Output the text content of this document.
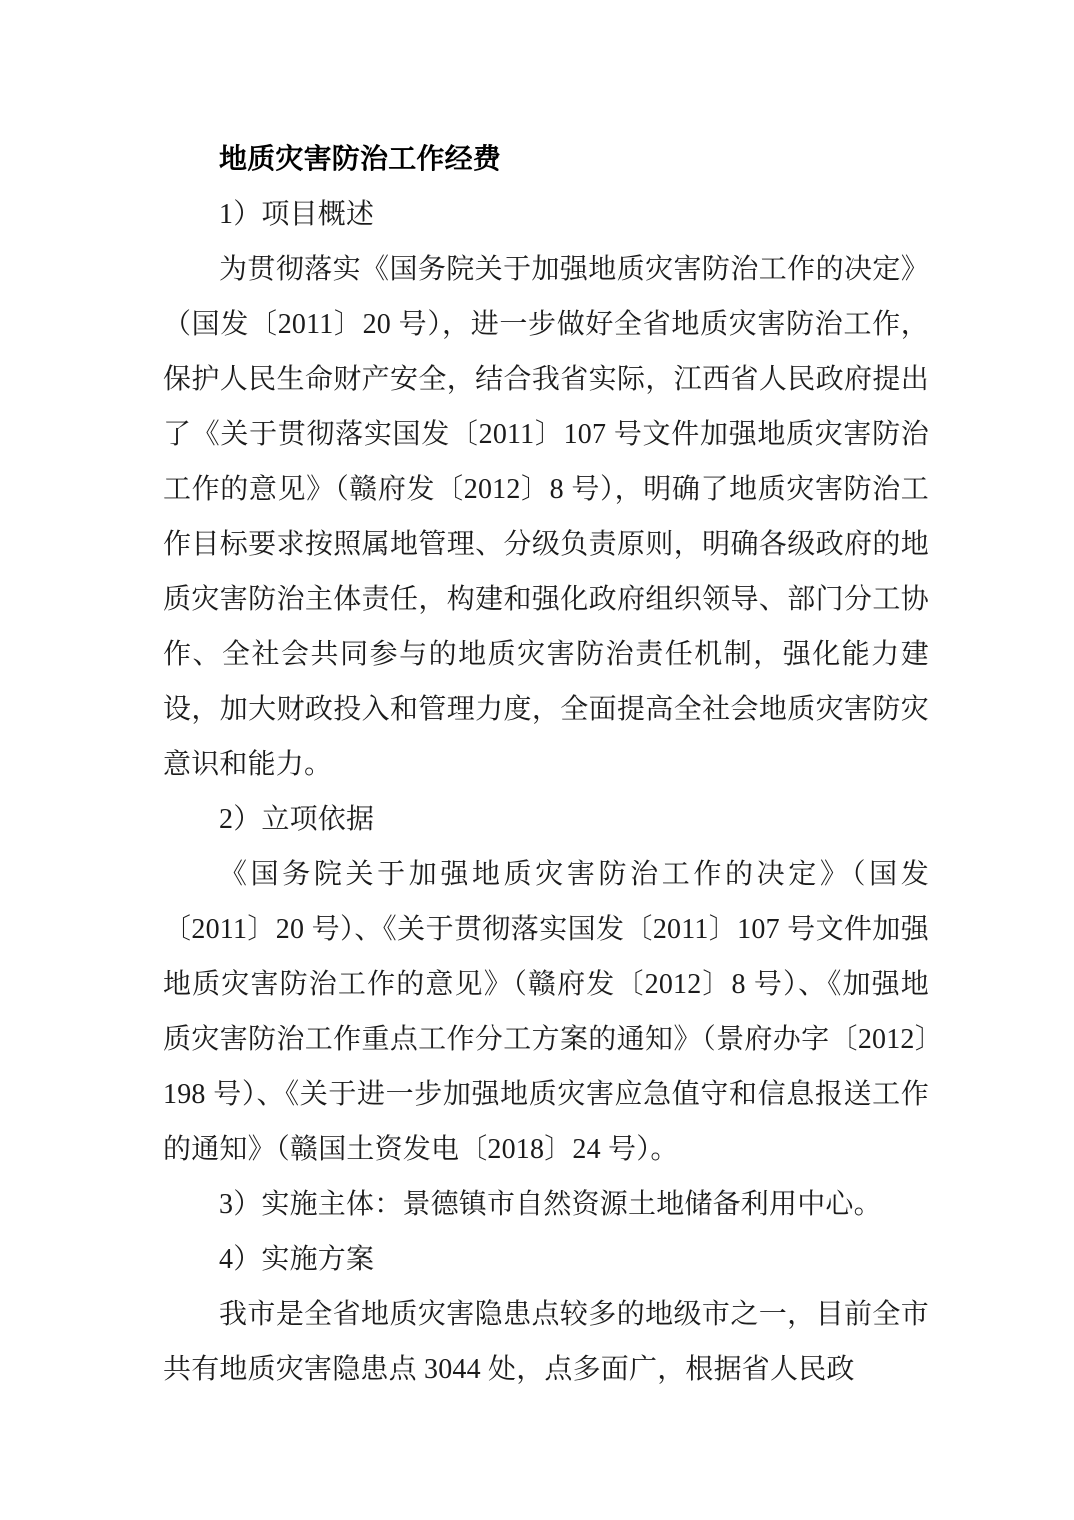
地质灾害防治工作经费

1）项目概述

为贯彻落实《国务院关于加强地质灾害防治工作的决定》（国发〔2011〕20 号），进一步做好全省地质灾害防治工作，保护人民生命财产安全，结合我省实际，江西省人民政府提出了《关于贯彻落实国发〔2011〕107 号文件加强地质灾害防治工作的意见》（赣府发〔2012〕8 号），明确了地质灾害防治工作目标要求按照属地管理、分级负责原则，明确各级政府的地质灾害防治主体责任，构建和强化政府组织领导、部门分工协作、全社会共同参与的地质灾害防治责任机制，强化能力建设，加大财政投入和管理力度，全面提高全社会地质灾害防灾意识和能力。

2）立项依据

《国务院关于加强地质灾害防治工作的决定》（国发〔2011〕20 号）、《关于贯彻落实国发〔2011〕107 号文件加强地质灾害防治工作的意见》（赣府发〔2012〕8 号）、《加强地质灾害防治工作重点工作分工方案的通知》（景府办字〔2012〕198 号）、《关于进一步加强地质灾害应急值守和信息报送工作的通知》（赣国土资发电〔2018〕24 号）。

3）实施主体：景德镇市自然资源土地储备利用中心。

4）实施方案

我市是全省地质灾害隐患点较多的地级市之一，目前全市共有地质灾害隐患点 3044 处，点多面广，根据省人民政
